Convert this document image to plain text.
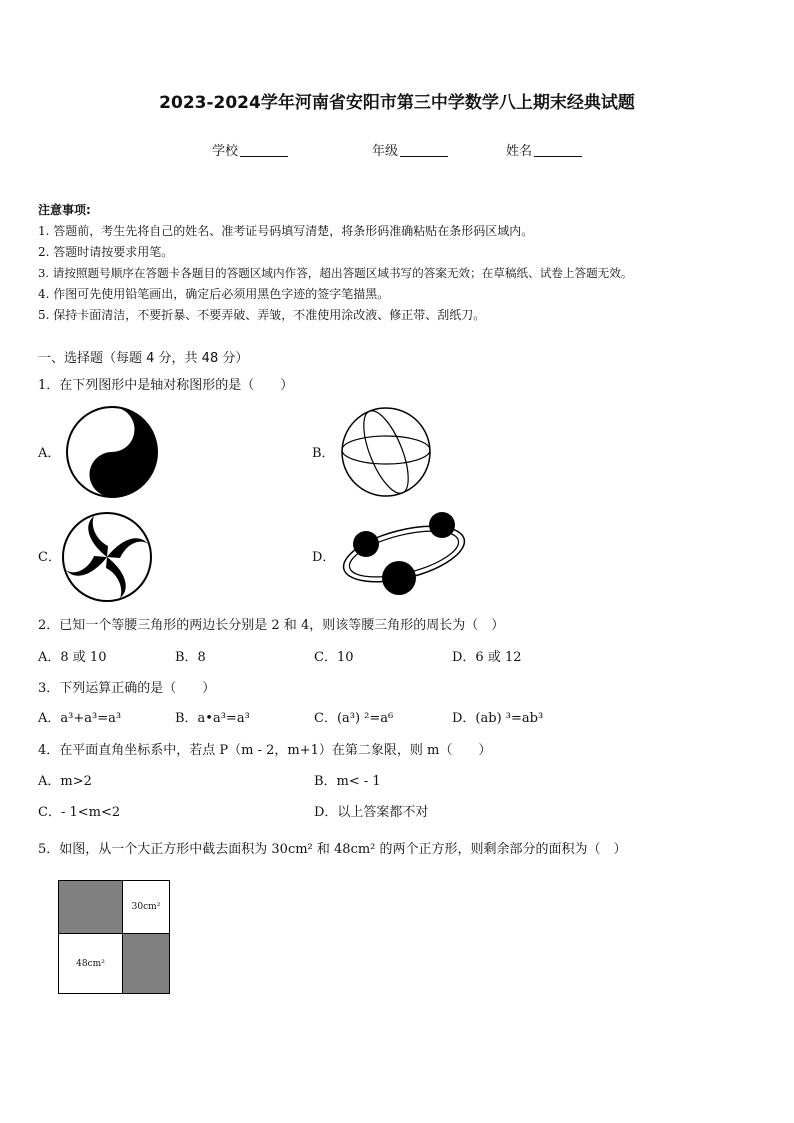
2023-2024学年河南省安阳市第三中学数学八上期末经典试题
学校	年级	姓名
注意事项:
1. 答题前，考生先将自己的姓名、准考证号码填写清楚，将条形码准确粘贴在条形码区域内。
2. 答题时请按要求用笔。
3. 请按照题号顺序在答题卡各题目的答题区域内作答，超出答题区域书写的答案无效；在草稿纸、试卷上答题无效。
4. 作图可先使用铅笔画出，确定后必须用黑色字迹的签字笔描黑。
5. 保持卡面清洁，不要折暴、不要弄破、弄皱，不准使用涂改液、修正带、刮纸刀。
一、选择题（每题 4 分，共 48 分）
1．在下列图形中是轴对称图形的是（　　）
A．	B．
C．	D．
2．已知一个等腰三角形的两边长分别是 2 和 4，则该等腰三角形的周长为（　）
A．8 或 10	B．8	C．10	D．6 或 12
3．下列运算正确的是（　　）
A．a³+a³=a³	B．a•a³=a³	C．(a³) ²=a⁶	D．(ab) ³=ab³
4．在平面直角坐标系中，若点 P（m - 2，m+1）在第二象限，则 m（　　）
A．m>2	B．m< - 1
C．- 1<m<2	D．以上答案都不对
5．如图，从一个大正方形中截去面积为 30cm² 和 48cm² 的两个正方形，则剩余部分的面积为（　）
30cm²
48cm²
